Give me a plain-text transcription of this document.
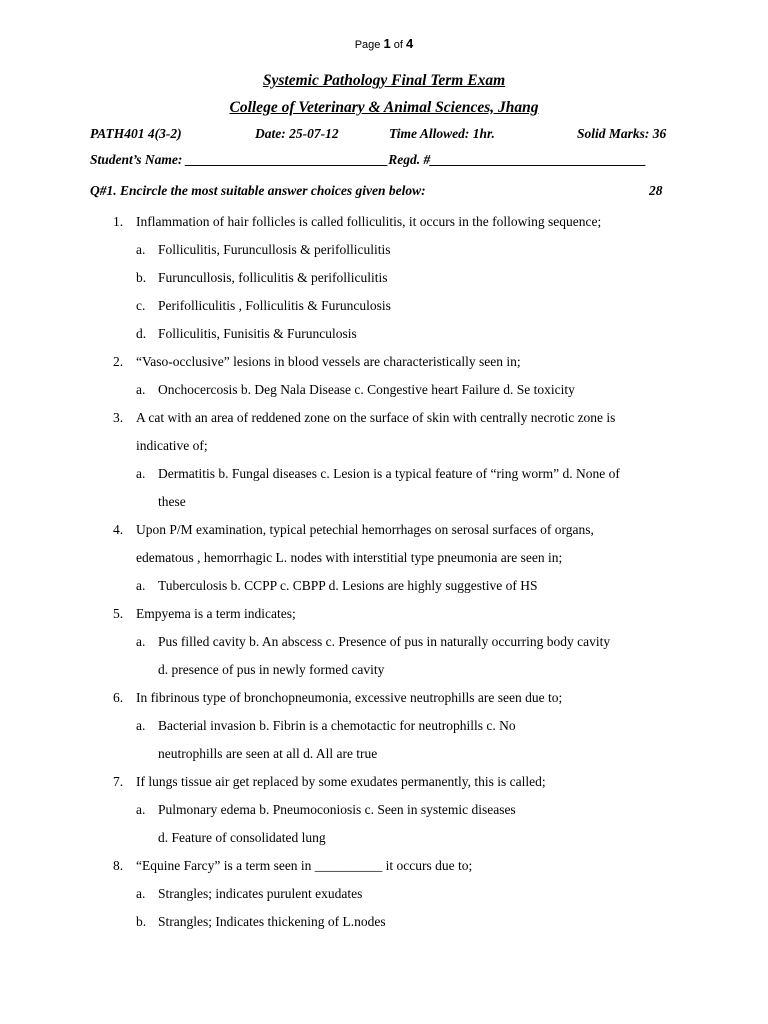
Page 1 of 4
Systemic Pathology Final Term Exam
College of Veterinary & Animal Sciences, Jhang
PATH401 4(3-2)	Date: 25-07-12	Time Allowed: 1hr.	Solid Marks: 36
Student’s Name: ______________________________Regd. #________________________________
Q#1. Encircle the most suitable answer choices given below:	28
1. Inflammation of hair follicles is called folliculitis, it occurs in the following sequence;
a. Folliculitis, Furuncullosis & perifolliculitis
b. Furuncullosis, folliculitis & perifolliculitis
c. Perifolliculitis , Folliculitis & Furunculosis
d. Folliculitis, Funisitis & Furunculosis
2. “Vaso-occlusive” lesions in blood vessels are characteristically seen in;
a. Onchocercosis b. Deg Nala Disease c. Congestive heart Failure d. Se toxicity
3. A cat with an area of reddened zone on the surface of skin with centrally necrotic zone is
indicative of;
a. Dermatitis b. Fungal diseases c. Lesion is a typical feature of “ring worm” d. None of
these
4. Upon P/M examination, typical petechial hemorrhages on serosal surfaces of organs,
edematous , hemorrhagic L. nodes with interstitial type pneumonia are seen in;
a. Tuberculosis b. CCPP c. CBPP d. Lesions are highly suggestive of HS
5. Empyema is a term indicates;
a. Pus filled cavity b. An abscess c. Presence of pus in naturally occurring body cavity
d. presence of pus in newly formed cavity
6. In fibrinous type of bronchopneumonia, excessive neutrophills are seen due to;
a. Bacterial invasion b. Fibrin is a chemotactic for neutrophills c. No
neutrophills are seen at all d. All are true
7. If lungs tissue air get replaced by some exudates permanently, this is called;
a. Pulmonary edema b. Pneumoconiosis c. Seen in systemic diseases
d. Feature of consolidated lung
8. “Equine Farcy” is a term seen in __________ it occurs due to;
a. Strangles; indicates purulent exudates
b. Strangles; Indicates thickening of L.nodes
